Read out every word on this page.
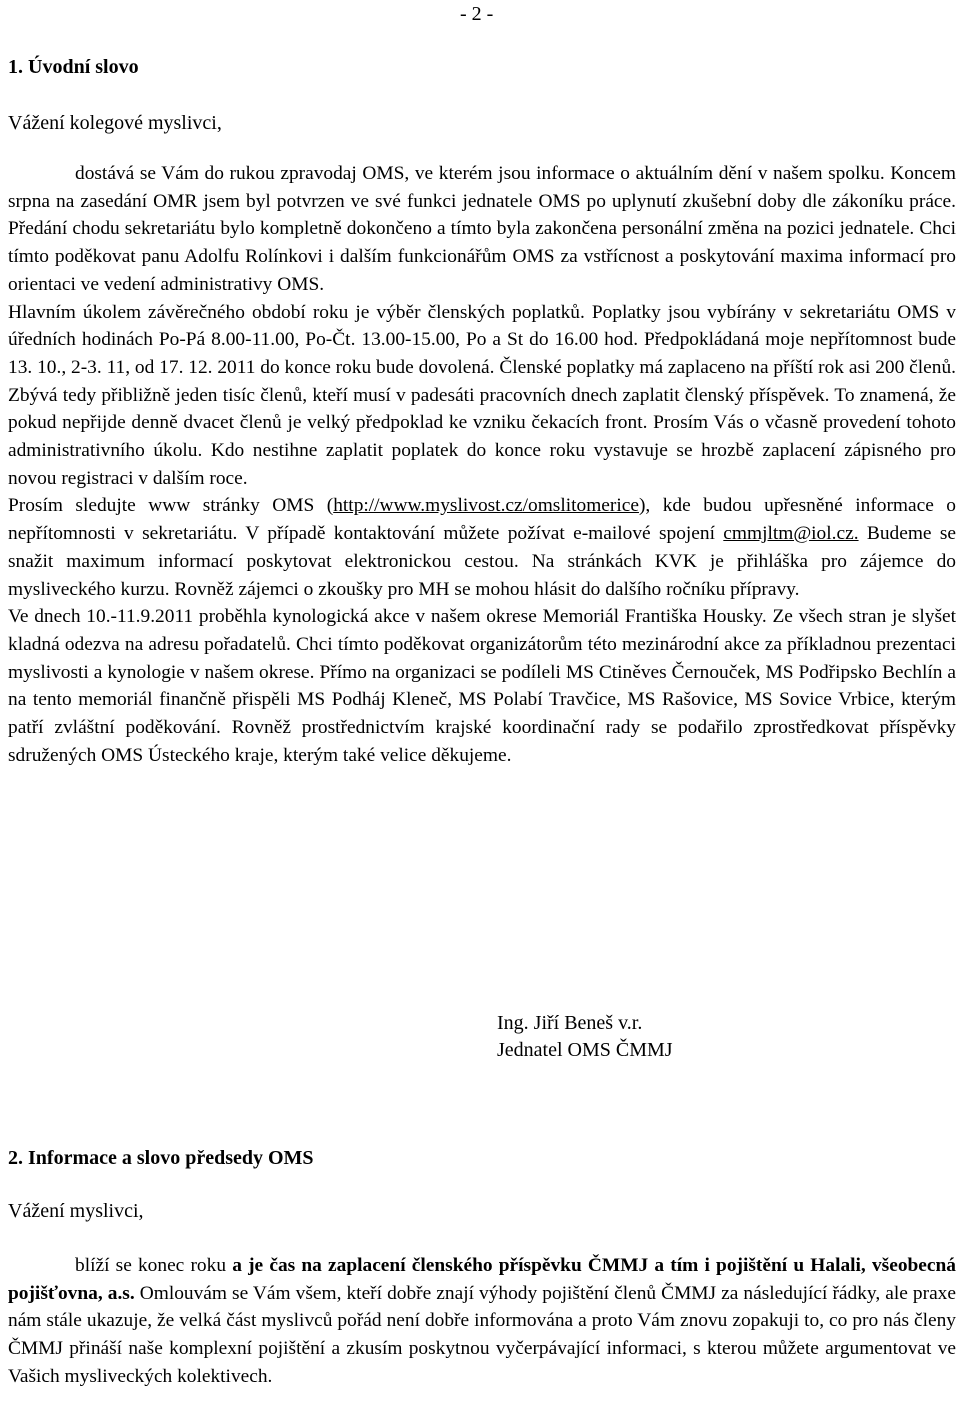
- 2 -
1. Úvodní slovo
Vážení kolegové myslivci,

dostává se Vám do rukou zpravodaj OMS, ve kterém jsou informace o aktuálním dění v našem spolku. Koncem srpna na zasedání OMR jsem byl potvrzen ve své funkci jednatele OMS po uplynutí zkušební doby dle zákoníku práce. Předání chodu sekretariátu bylo kompletně dokončeno a tímto byla zakončena personální změna na pozici jednatele. Chci tímto poděkovat panu Adolfu Rolínkovi i dalším funkcionářům OMS za vstřícnost a poskytování maxima informací pro orientaci ve vedení administrativy OMS.

Hlavním úkolem závěrečného období roku je výběr členských poplatků. Poplatky jsou vybírány v sekretariátu OMS v úředních hodinách Po-Pá 8.00-11.00, Po-Čt. 13.00-15.00, Po a St do 16.00 hod. Předpokládaná moje nepřítomnost bude 13. 10., 2-3. 11, od 17. 12. 2011 do konce roku bude dovolená. Členské poplatky má zaplaceno na příští rok asi 200 členů. Zbývá tedy přibližně jeden tisíc členů, kteří musí v padesáti pracovních dnech zaplatit členský příspěvek. To znamená, že pokud nepřijde denně dvacet členů je velký předpoklad ke vzniku čekacích front. Prosím Vás o včasně provedení tohoto administrativního úkolu. Kdo nestihne zaplatit poplatek do konce roku vystavuje se hrozbě zaplacení zápisného pro novou registraci v dalším roce.

Prosím sledujte www stránky OMS (http://www.myslivost.cz/omslitomerice), kde budou upřesněné informace o nepřítomnosti v sekretariátu. V případě kontaktování můžete požívat e-mailové spojení cmmjltm@iol.cz. Budeme se snažit maximum informací poskytovat elektronickou cestou. Na stránkách KVK je přihláška pro zájemce do mysliveckého kurzu. Rovněž zájemci o zkoušky pro MH se mohou hlásit do dalšího ročníku přípravy.

Ve dnech 10.-11.9.2011 proběhla kynologická akce v našem okrese Memoriál Františka Housky. Ze všech stran je slyšet kladná odezva na adresu pořadatelů. Chci tímto poděkovat organizátorům této mezinárodní akce za příkladnou prezentaci myslivosti a kynologie v našem okrese. Přímo na organizaci se podíleli MS Ctiněves Černouček, MS Podřipsko Bechlín a na tento memoriál finančně přispěli MS Podháj Kleneč, MS Polabí Travčice, MS Rašovice, MS Sovice Vrbice, kterým patří zvláštní poděkování. Rovněž prostřednictvím krajské koordinační rady se podařilo zprostředkovat příspěvky sdružených OMS Ústeckého kraje, kterým také velice děkujeme.

Ing. Jiří Beneš v.r.
Jednatel OMS ČMMJ
2. Informace a slovo předsedy OMS
Vážení myslivci,

blíží se konec roku a je čas na zaplacení členského příspěvku ČMMJ a tím i pojištění u Halali, všeobecná pojišťovna, a.s. Omlouvám se Vám všem, kteří dobře znají výhody pojištění členů ČMMJ za následující řádky, ale praxe nám stále ukazuje, že velká část myslivců pořád není dobře informována a proto Vám znovu zopakuji to, co pro nás členy ČMMJ přináší naše komplexní pojištění a zkusím poskytnou vyčerpávající informaci, s kterou můžete argumentovat ve Vašich mysliveckých kolektivech.
